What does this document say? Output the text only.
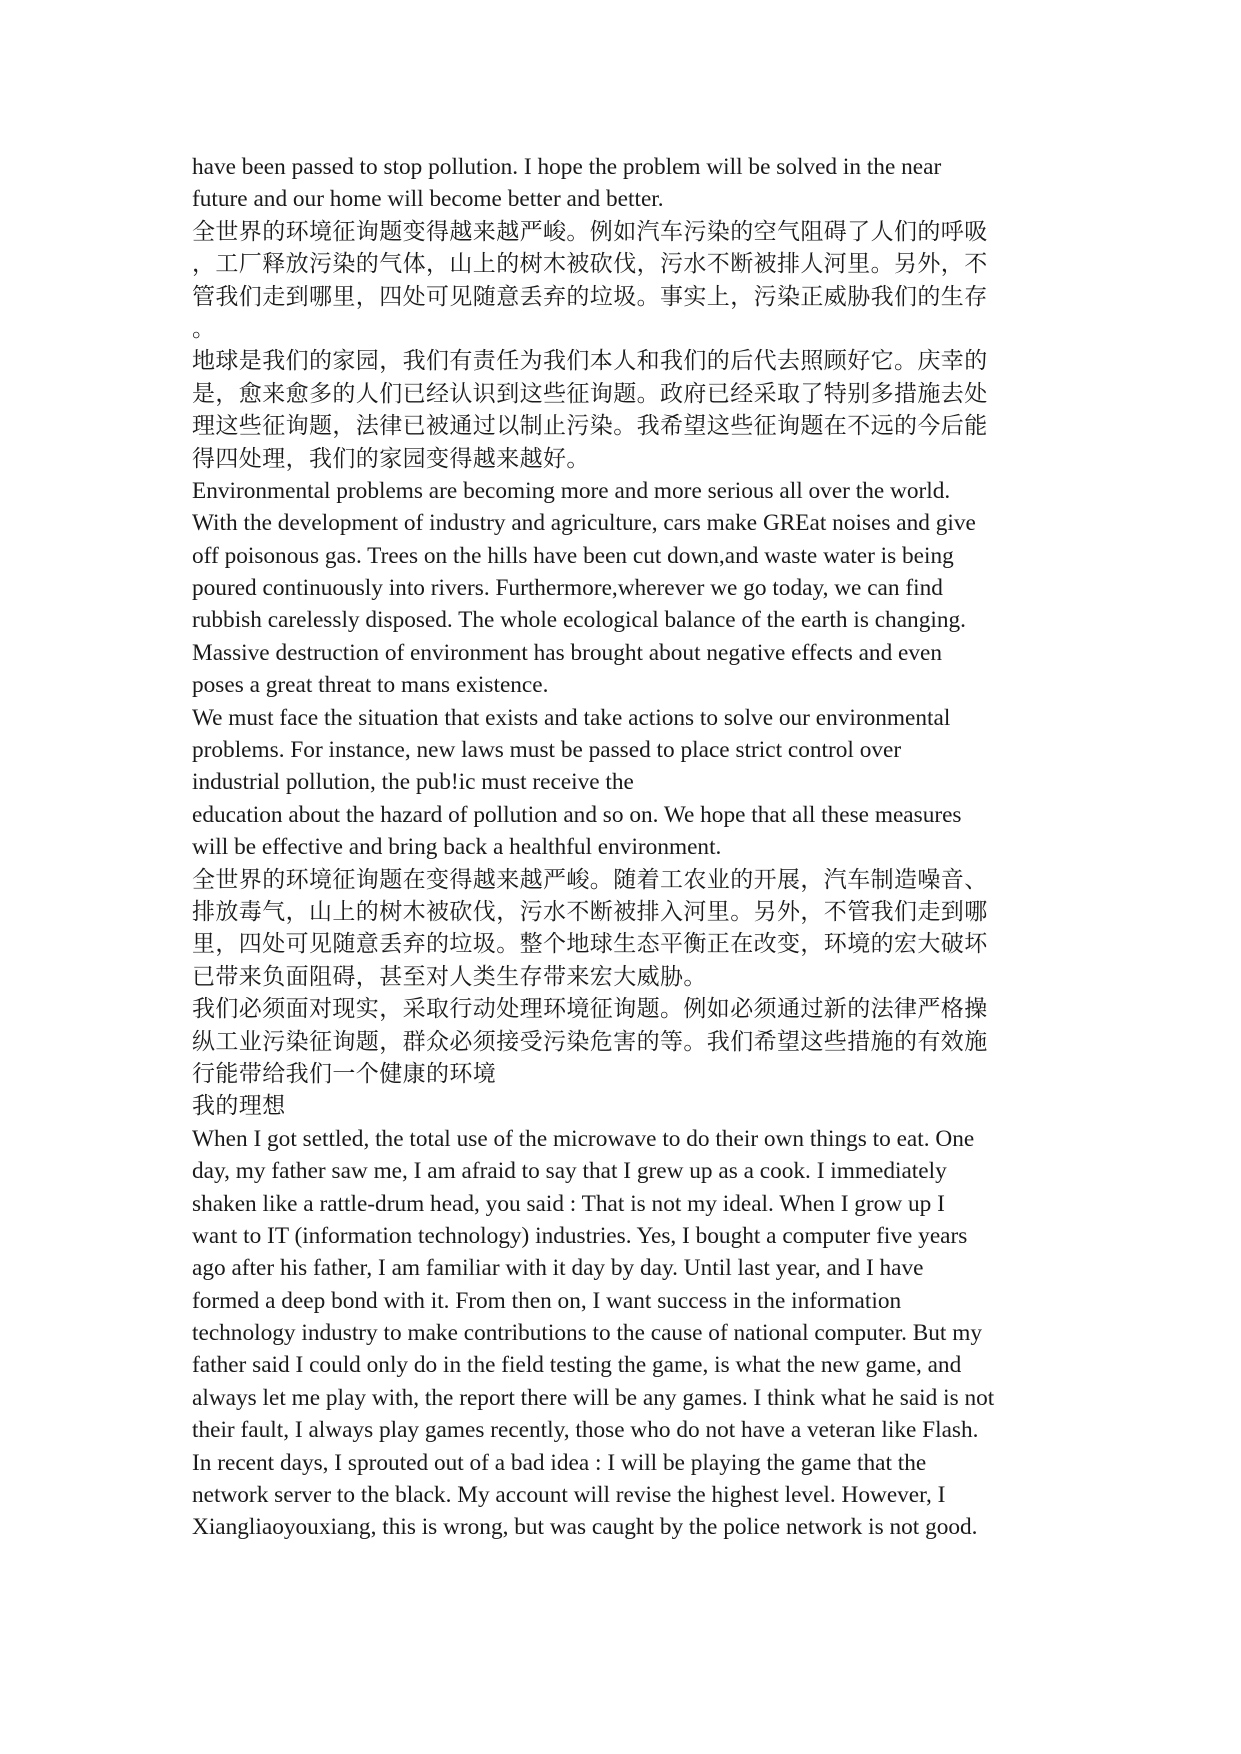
have been passed to stop pollution. I hope the problem will be solved in the near
future and our home will become better and better.
全世界的环境征询题变得越来越严峻。例如汽车污染的空气阻碍了人们的呼吸
，工厂释放污染的气体，山上的树木被砍伐，污水不断被排人河里。另外，不
管我们走到哪里，四处可见随意丢弃的垃圾。事实上，污染正威胁我们的生存
。
地球是我们的家园，我们有责任为我们本人和我们的后代去照顾好它。庆幸的
是，愈来愈多的人们已经认识到这些征询题。政府已经采取了特别多措施去处
理这些征询题，法律已被通过以制止污染。我希望这些征询题在不远的今后能
得四处理，我们的家园变得越来越好。
Environmental problems are becoming more and more serious all over the world.
With the development of industry and agriculture, cars make GREat noises and give
off poisonous gas. Trees on the hills have been cut down,and waste water is being
poured continuously into rivers. Furthermore,wherever we go today, we can find
rubbish carelessly disposed. The whole ecological balance of the earth is changing.
Massive destruction of environment has brought about negative effects and even
poses a great threat to mans existence.
We must face the situation that exists and take actions to solve our environmental
problems. For instance, new laws must be passed to place strict control over
industrial pollution, the pub!ic must receive the
education about the hazard of pollution and so on. We hope that all these measures
will be effective and bring back a healthful environment.
全世界的环境征询题在变得越来越严峻。随着工农业的开展，汽车制造噪音、
排放毒气，山上的树木被砍伐，污水不断被排入河里。另外，不管我们走到哪
里，四处可见随意丢弃的垃圾。整个地球生态平衡正在改变，环境的宏大破坏
已带来负面阻碍，甚至对人类生存带来宏大威胁。
我们必须面对现实，采取行动处理环境征询题。例如必须通过新的法律严格操
纵工业污染征询题，群众必须接受污染危害的等。我们希望这些措施的有效施
行能带给我们一个健康的环境
我的理想
When I got settled, the total use of the microwave to do their own things to eat. One
day, my father saw me, I am afraid to say that I grew up as a cook. I immediately
shaken like a rattle-drum head, you said : That is not my ideal. When I grow up I
want to IT (information technology) industries. Yes, I bought a computer five years
ago after his father, I am familiar with it day by day. Until last year, and I have
formed a deep bond with it. From then on, I want success in the information
technology industry to make contributions to the cause of national computer. But my
father said I could only do in the field testing the game, is what the new game, and
always let me play with, the report there will be any games. I think what he said is not
their fault, I always play games recently, those who do not have a veteran like Flash.
In recent days, I sprouted out of a bad idea : I will be playing the game that the
network server to the black. My account will revise the highest level. However, I
Xiangliaoyouxiang, this is wrong, but was caught by the police network is not good.
